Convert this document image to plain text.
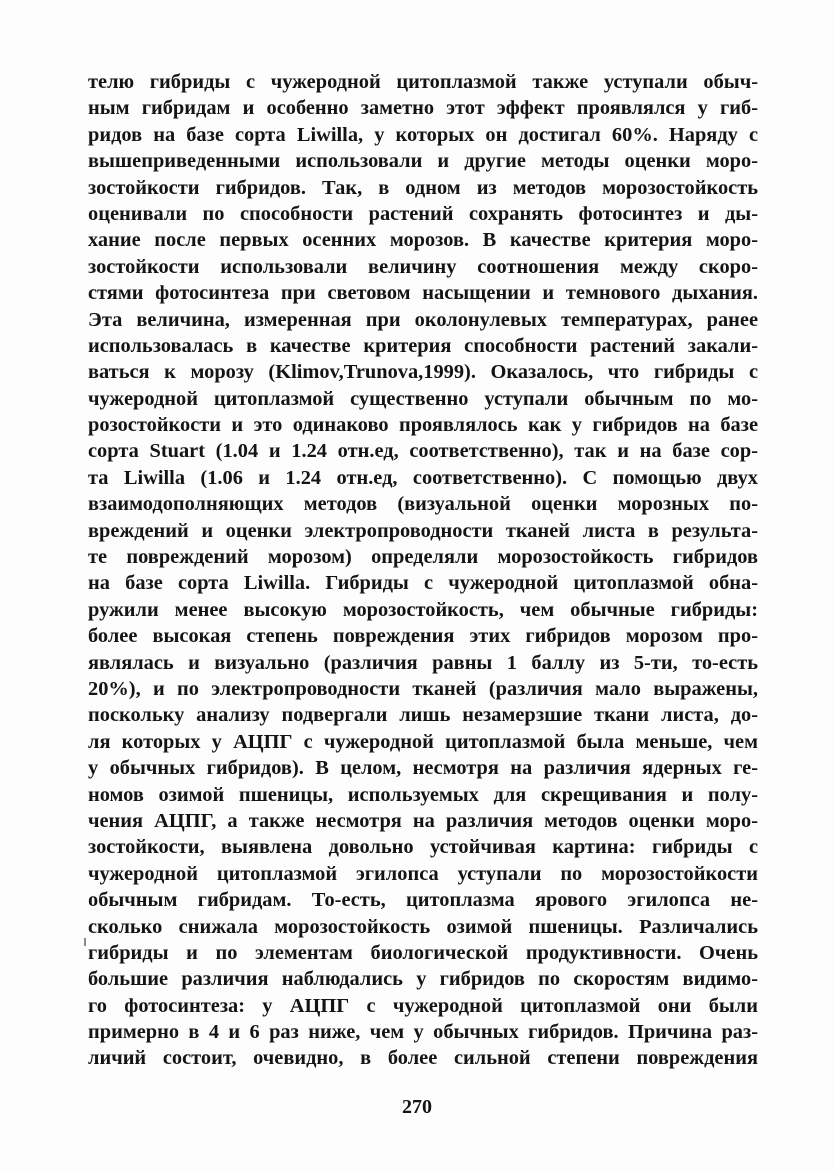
телю гибриды с чужеродной цитоплазмой также уступали обыч-
ным гибридам и особенно заметно этот эффект проявлялся у гиб-
ридов на базе сорта Liwilla, у которых он достигал 60%. Наряду с
вышеприведенными использовали и другие методы оценки моро-
зостойкости гибридов. Так, в одном из методов морозостойкость
оценивали по способности растений сохранять фотосинтез и ды-
хание после первых осенних морозов. В качестве критерия моро-
зостойкости использовали величину соотношения между скоро-
стями фотосинтеза при световом насыщении и темнового дыхания.
Эта величина, измеренная при околонулевых температурах, ранее
использовалась в качестве критерия способности растений закали-
ваться к морозу (Klimov,Trunova,1999). Оказалось, что гибриды с
чужеродной цитоплазмой существенно уступали обычным по мо-
розостойкости и это одинаково проявлялось как у гибридов на базе
сорта Stuart (1.04 и 1.24 отн.ед, соответственно), так и на базе сор-
та Liwilla (1.06 и 1.24 отн.ед, соответственно). С помощью двух
взаимодополняющих методов (визуальной оценки морозных по-
вреждений и оценки электропроводности тканей листа в результа-
те повреждений морозом) определяли морозостойкость гибридов
на базе сорта Liwilla. Гибриды с чужеродной цитоплазмой обна-
ружили менее высокую морозостойкость, чем обычные гибриды:
более высокая степень повреждения этих гибридов морозом про-
являлась и визуально (различия равны 1 баллу из 5-ти, то-есть
20%), и по электропроводности тканей (различия мало выражены,
поскольку анализу подвергали лишь незамерзшие ткани листа, до-
ля которых у АЦПГ с чужеродной цитоплазмой была меньше, чем
у обычных гибридов). В целом, несмотря на различия ядерных ге-
номов озимой пшеницы, используемых для скрещивания и полу-
чения АЦПГ, а также несмотря на различия методов оценки моро-
зостойкости, выявлена довольно устойчивая картина: гибриды с
чужеродной цитоплазмой эгилопса уступали по морозостойкости
обычным гибридам. То-есть, цитоплазма ярового эгилопса не-
сколько снижала морозостойкость озимой пшеницы. Различались
гибриды и по элементам биологической продуктивности. Очень
большие различия наблюдались у гибридов по скоростям видимо-
го фотосинтеза: у АЦПГ с чужеродной цитоплазмой они были
примерно в 4 и 6 раз ниже, чем у обычных гибридов. Причина раз-
личий состоит, очевидно, в более сильной степени повреждения
270
